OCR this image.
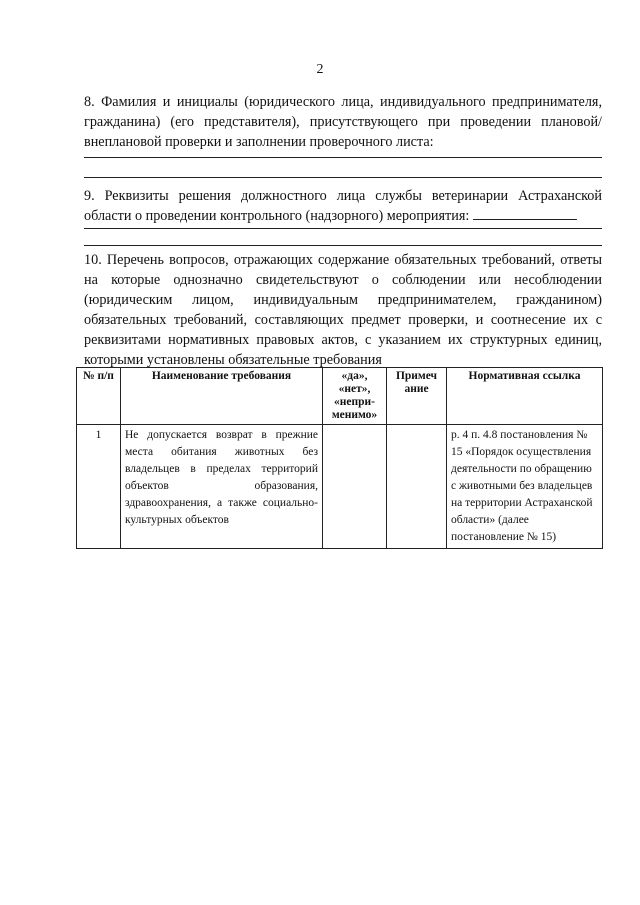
2

8. Фамилия и инициалы (юридического лица, индивидуального предпринимателя, гражданина) (его представителя), присутствующего при проведении плановой/внеплановой проверки и заполнении проверочного листа:

9. Реквизиты решения должностного лица службы ветеринарии Астраханской области о проведении контрольного (надзорного) мероприятия:

10. Перечень вопросов, отражающих содержание обязательных требований, ответы на которые однозначно свидетельствуют о соблюдении или несоблюдении (юридическим лицом, индивидуальным предпринимателем, гражданином) обязательных требований, составляющих предмет проверки, и соотнесение их с реквизитами нормативных правовых актов, с указанием их структурных единиц, которыми установлены обязательные требования

№ п/п	Наименование требования	«да», «нет», «непри-менимо»	Примеч ание	Нормативная ссылка
1	Не допускается возврат в прежние места обитания животных без владельцев в пределах территорий объектов образования, здравоохранения, а также социально-культурных объектов			р. 4 п. 4.8 постановления № 15 «Порядок осуществления деятельности по обращению с животными без владельцев на территории Астраханской области» (далее постановление № 15)
